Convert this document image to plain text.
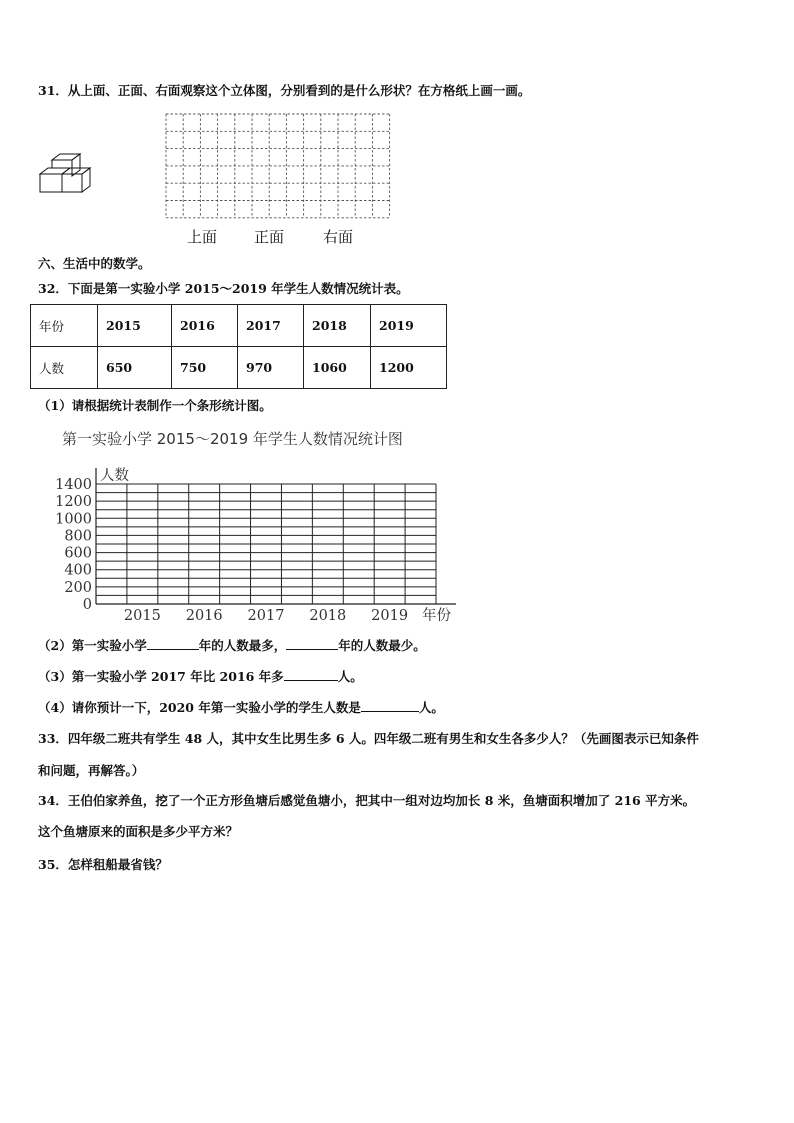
31．从上面、正面、右面观察这个立体图，分别看到的是什么形状？在方格纸上画一画。
上面 正面	右面
六、生活中的数学。
32．下面是第一实验小学 2015～2019 年学生人数情况统计表。
年份	2015	2016	2017	2018	2019
人数	650	750	970	1060	1200
（1）请根据统计表制作一个条形统计图。
第一实验小学 2015～2019 年学生人数情况统计图
0
200
400
600
800
1000
1200
1400
人数
2015 2016 2017 2018 2019 年份
（2）第一实验小学	年的人数最多，	年的人数最少。
（3）第一实验小学 2017 年比 2016 年多	人。
（4）请你预计一下，2020 年第一实验小学的学生人数是	人。
33．四年级二班共有学生 48 人，其中女生比男生多 6 人。四年级二班有男生和女生各多少人？（先画图表示已知条件
和问题，再解答。）
34．王伯伯家养鱼，挖了一个正方形鱼塘后感觉鱼塘小，把其中一组对边均加长 8 米，鱼塘面积增加了 216 平方米。
这个鱼塘原来的面积是多少平方米？
35．怎样租船最省钱？
